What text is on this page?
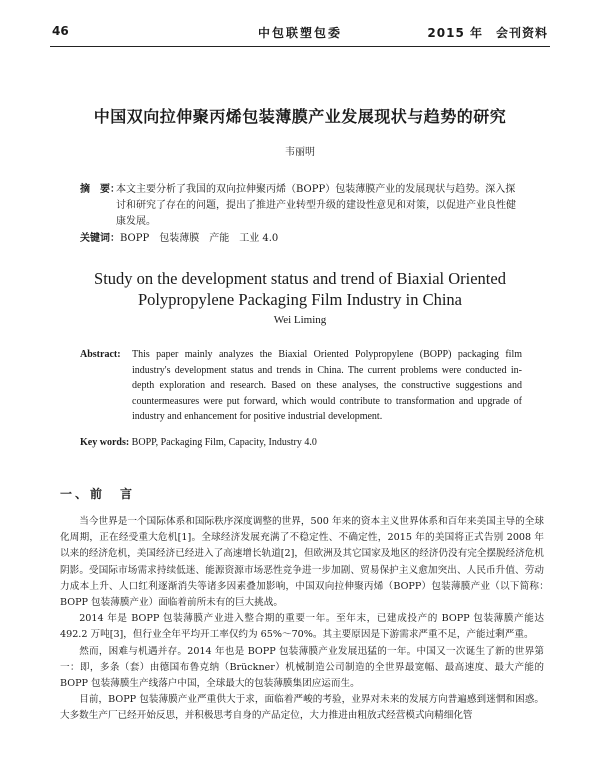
46	中包联塑包委	2015 年　会刊资料
中国双向拉伸聚丙烯包装薄膜产业发展现状与趋势的研究
韦丽明
摘　要：
本文主要分析了我国的双向拉伸聚丙烯（BOPP）包装薄膜产业的发展现状与趋势。深入探讨和研究了存在的问题，提出了推进产业转型升级的建设性意见和对策，以促进产业良性健康发展。
关键词：BOPP　包装薄膜　产能　工业 4.0
Study on the development status and trend of Biaxial Oriented Polypropylene Packaging Film Industry in China
Wei Liming
Abstract: This paper mainly analyzes the Biaxial Oriented Polypropylene (BOPP) packaging film industry's development status and trends in China. The current problems were conducted in-depth exploration and research. Based on these analyses, the constructive suggestions and countermeasures were put forward, which would contribute to transformation and upgrade of industry and enhancement for positive industrial development.
Key words: BOPP, Packaging Film, Capacity, Industry 4.0
一、前　言

当今世界是一个国际体系和国际秩序深度调整的世界，500 年来的资本主义世界体系和百年来美国主导的全球化周期，正在经受重大危机[1]。全球经济发展充满了不稳定性、不确定性，2015 年的美国将正式告别 2008 年以来的经济危机，美国经济已经进入了高速增长轨道[2]，但欧洲及其它国家及地区的经济仍没有完全摆脱经济危机阴影。受国际市场需求持续低迷、能源资源市场恶性竞争进一步加剧、贸易保护主义愈加突出、人民币升值、劳动力成本上升、人口红利逐渐消失等诸多因素叠加影响，中国双向拉伸聚丙烯（BOPP）包装薄膜产业（以下简称：　BOPP 包装薄膜产业）面临着前所未有的巨大挑战。

2014 年是 BOPP 包装薄膜产业进入整合期的重要一年。至年末，已建成投产的 BOPP 包装薄膜产能达 492.2 万吨[3]，但行业全年平均开工率仅约为 65%～70%。其主要原因是下游需求严重不足，产能过剩严重。

然而，困难与机遇并存。2014 年也是 BOPP 包装薄膜产业发展迅猛的一年。中国又一次诞生了新的世界第一：即，多条（套）由德国布鲁克纳（Brückner）机械制造公司制造的全世界最宽幅、最高速度、最大产能的 BOPP 包装薄膜生产线落户中国，全球最大的包装薄膜集团应运而生。

目前，BOPP 包装薄膜产业严重供大于求，面临着严峻的考验，业界对未来的发展方向普遍感到迷惘和困惑。大多数生产厂已经开始反思，并积极思考自身的产品定位，大力推进由粗放式经营模式向精细化管
